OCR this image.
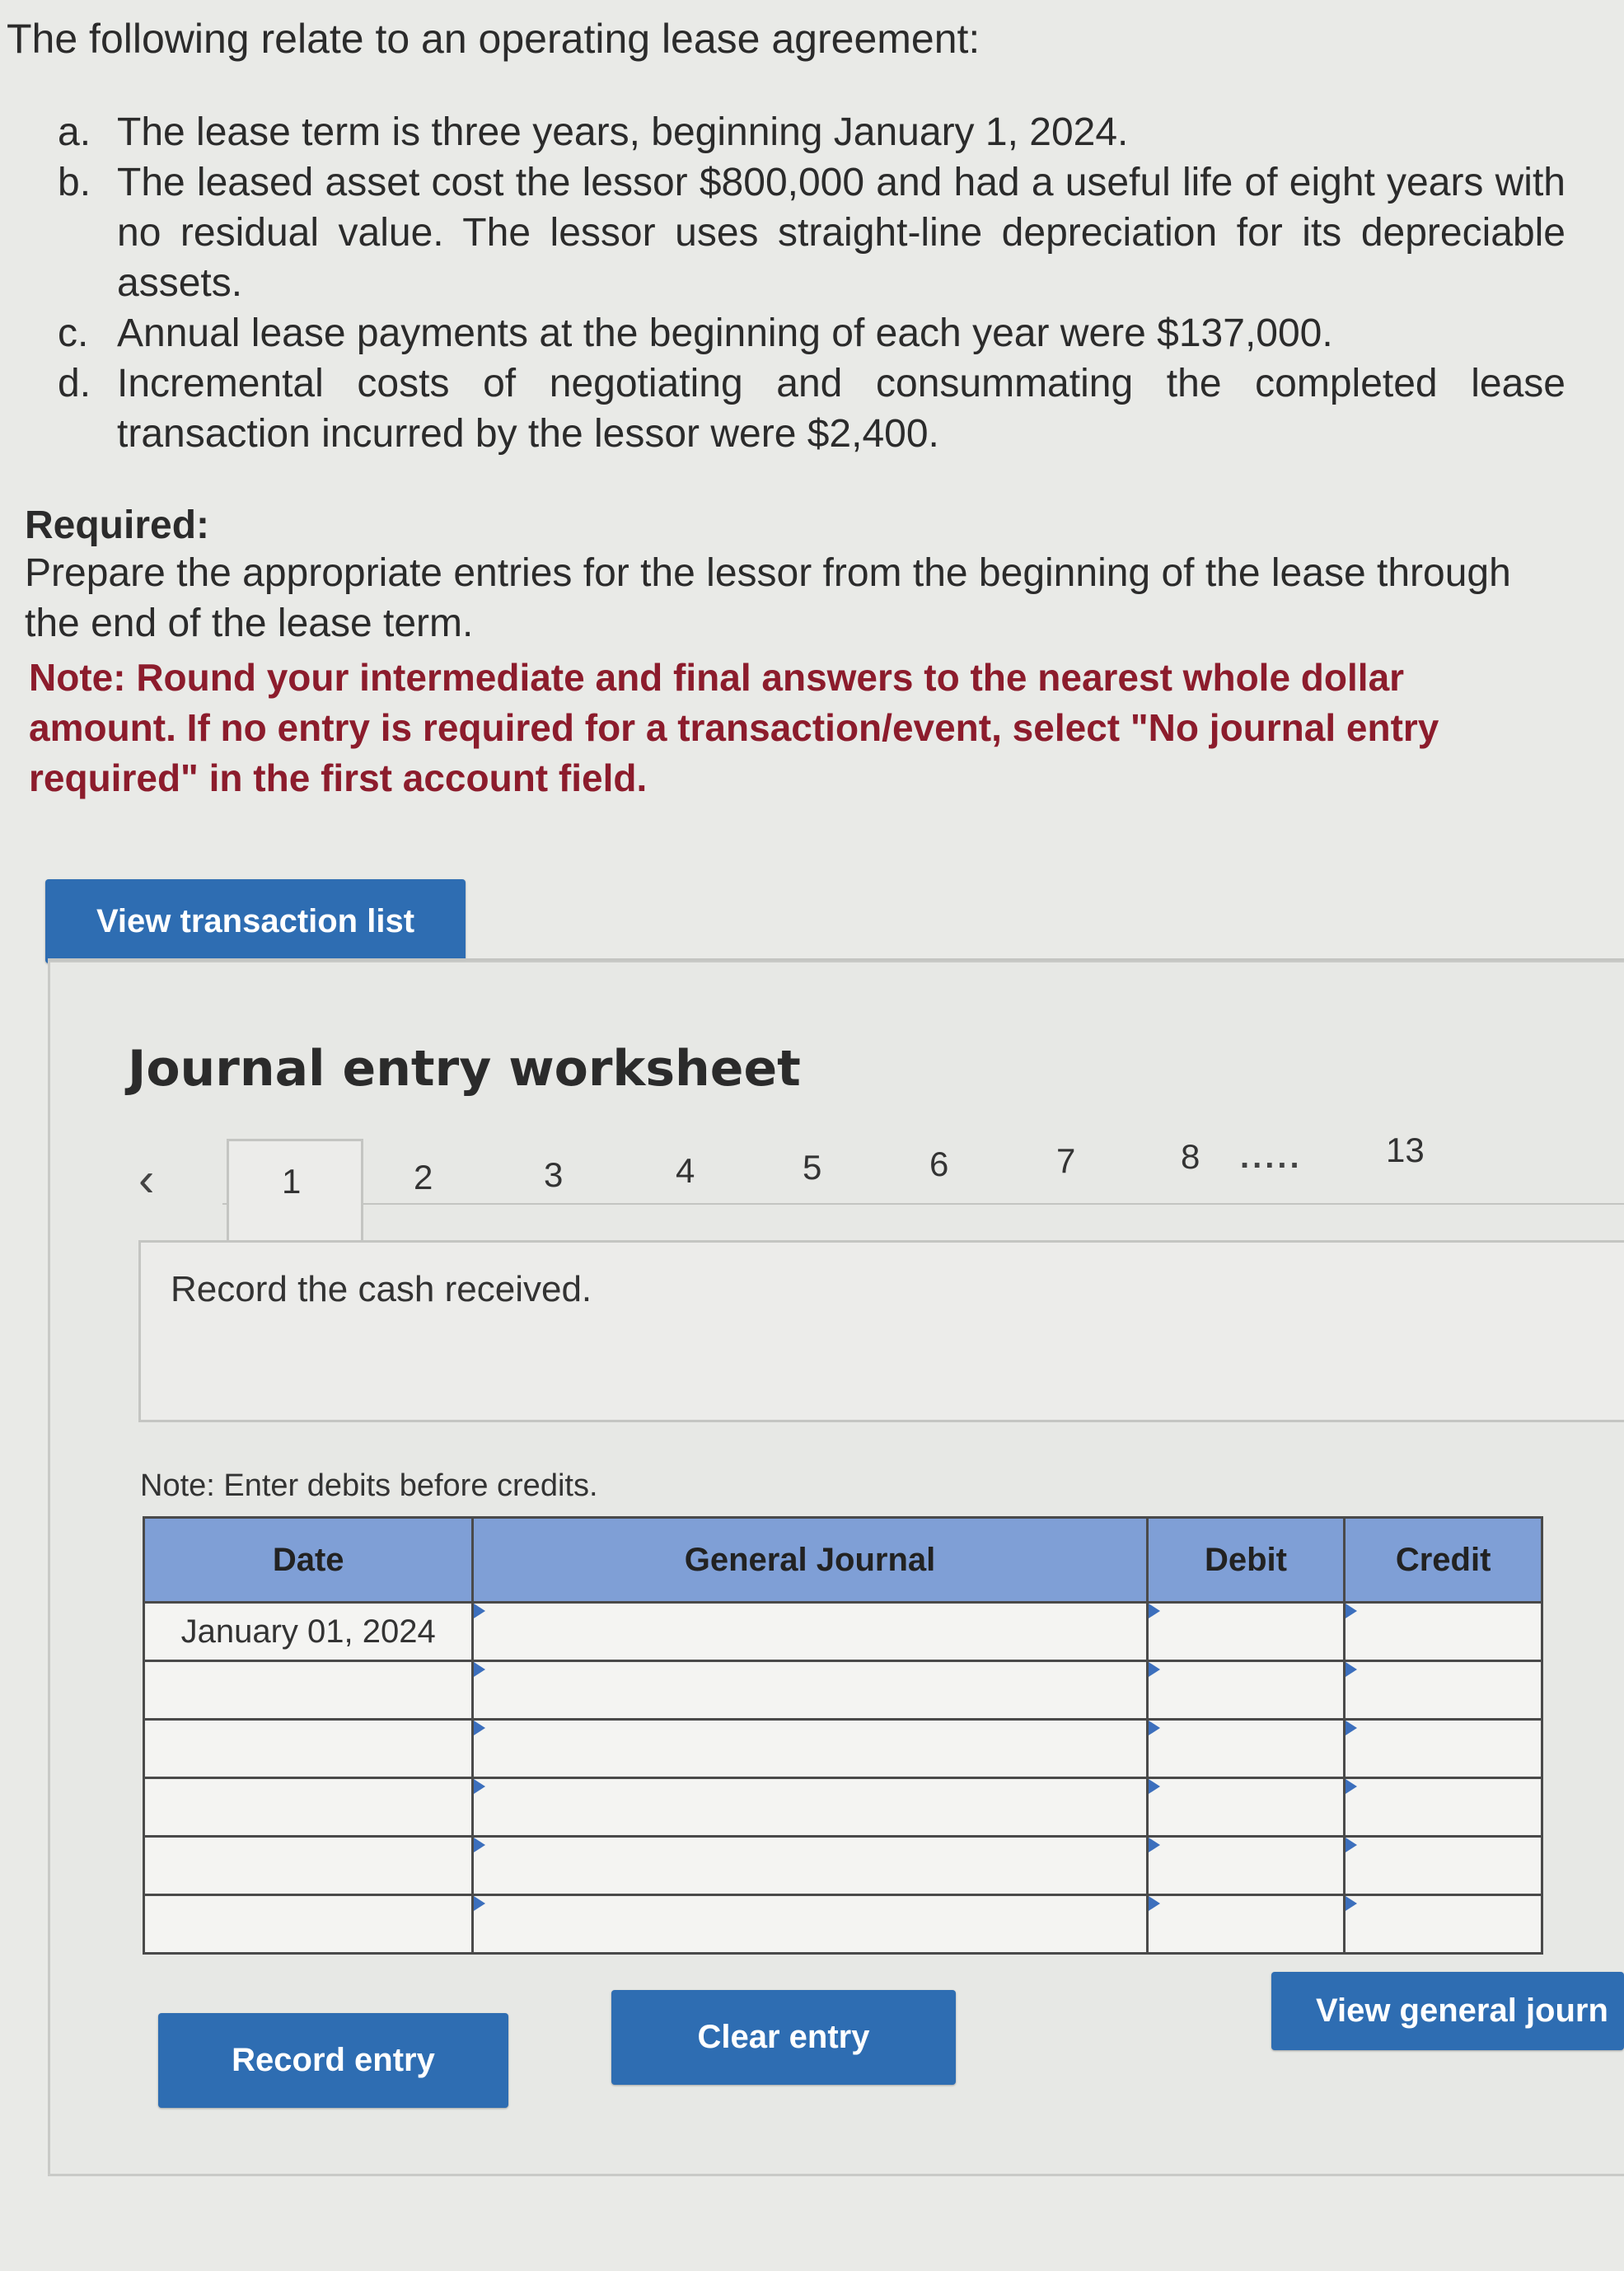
The following relate to an operating lease agreement:
a. The lease term is three years, beginning January 1, 2024.
b. The leased asset cost the lessor $800,000 and had a useful life of eight years with no residual value. The lessor uses straight-line depreciation for its depreciable assets.
c. Annual lease payments at the beginning of each year were $137,000.
d. Incremental costs of negotiating and consummating the completed lease transaction incurred by the lessor were $2,400.
Required:
Prepare the appropriate entries for the lessor from the beginning of the lease through the end of the lease term.
Note: Round your intermediate and final answers to the nearest whole dollar amount. If no entry is required for a transaction/event, select "No journal entry required" in the first account field.
View transaction list
Journal entry worksheet
‹	1	2	3	4	5	6	7	8 ..... 13
Record the cash received.
Note: Enter debits before credits.
Date	General Journal	Debit	Credit
January 01, 2024			

Record entry
Clear entry
View general journ
